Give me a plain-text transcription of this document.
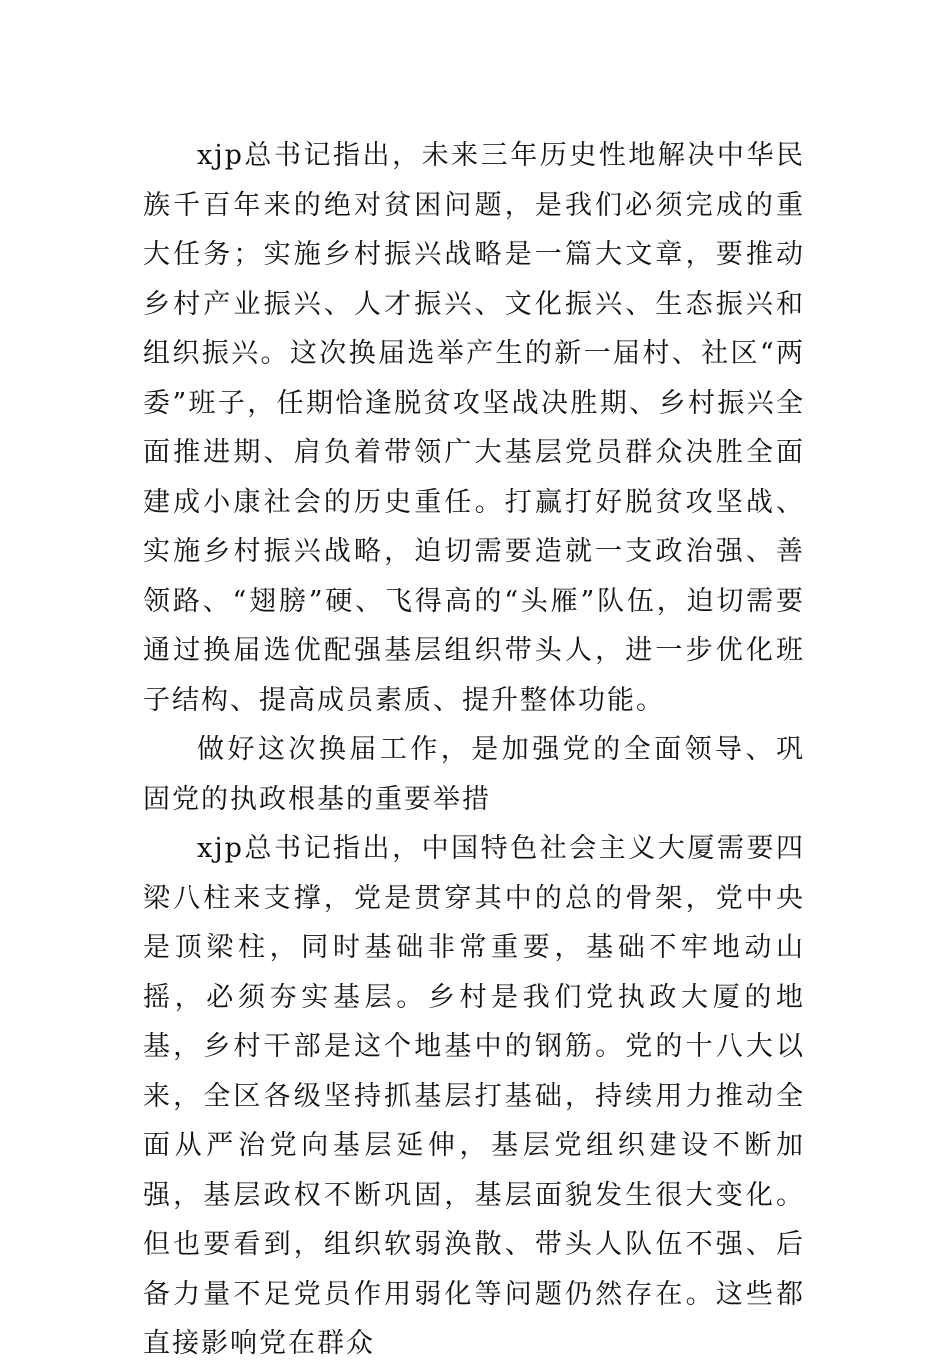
xjp总书记指出，未来三年历史性地解决中华民族千百年来的绝对贫困问题，是我们必须完成的重大任务；实施乡村振兴战略是一篇大文章，要推动乡村产业振兴、人才振兴、文化振兴、生态振兴和组织振兴。这次换届选举产生的新一届村、社区“两委”班子，任期恰逢脱贫攻坚战决胜期、乡村振兴全面推进期、肩负着带领广大基层党员群众决胜全面建成小康社会的历史重任。打赢打好脱贫攻坚战、实施乡村振兴战略，迫切需要造就一支政治强、善领路、“翅膀”硬、飞得高的“头雁”队伍，迫切需要通过换届选优配强基层组织带头人，进一步优化班子结构、提高成员素质、提升整体功能。

做好这次换届工作，是加强党的全面领导、巩固党的执政根基的重要举措

xjp总书记指出，中国特色社会主义大厦需要四梁八柱来支撑，党是贯穿其中的总的骨架，党中央是顶梁柱，同时基础非常重要，基础不牢地动山摇，必须夯实基层。乡村是我们党执政大厦的地基，乡村干部是这个地基中的钢筋。党的十八大以来，全区各级坚持抓基层打基础，持续用力推动全面从严治党向基层延伸，基层党组织建设不断加强，基层政权不断巩固，基层面貌发生很大变化。但也要看到，组织软弱涣散、带头人队伍不强、后备力量不足党员作用弱化等问题仍然存在。这些都直接影响党在群众
